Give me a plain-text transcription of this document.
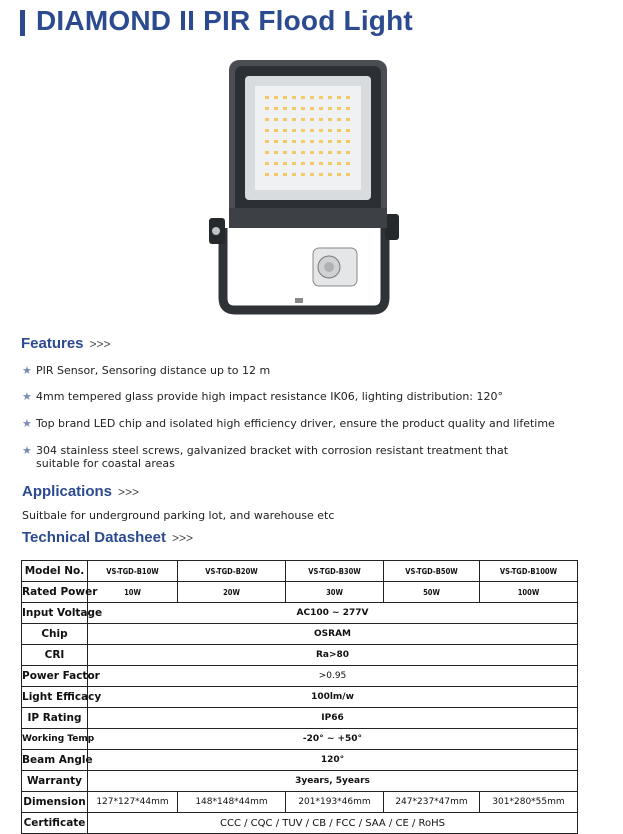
DIAMOND II PIR Flood Light
Features >>>
★ PIR Sensor, Sensoring distance up to 12 m
★ 4mm tempered glass provide high impact resistance IK06, lighting distribution: 120°
★ Top brand LED chip and isolated high efficiency driver, ensure the product quality and lifetime
★ 304 stainless steel screws, galvanized bracket with corrosion resistant treatment that
suitable for coastal areas
Applications >>>
Suitbale for underground parking lot, and warehouse etc
Technical Datasheet >>>
Model No.	VS-TGD-B10W	VS-TGD-B20W	VS-TGD-B30W	VS-TGD-B50W	VS-TGD-B100W
Rated Power	10W	20W	30W	50W	100W
Input Voltage	AC100 ~ 277V				
Chip	OSRAM				
CRI	Ra>80				
Power Factor	>0.95				
Light Efficacy	100lm/w				
IP Rating	IP66				
Working Temp	-20° ~ +50°				
Beam Angle	120°				
Warranty	3years, 5years				
Dimension	127*127*44mm	148*148*44mm	201*193*46mm	247*237*47mm	301*280*55mm
Certificate	CCC / CQC / TUV / CB / FCC / SAA / CE / RoHS				
